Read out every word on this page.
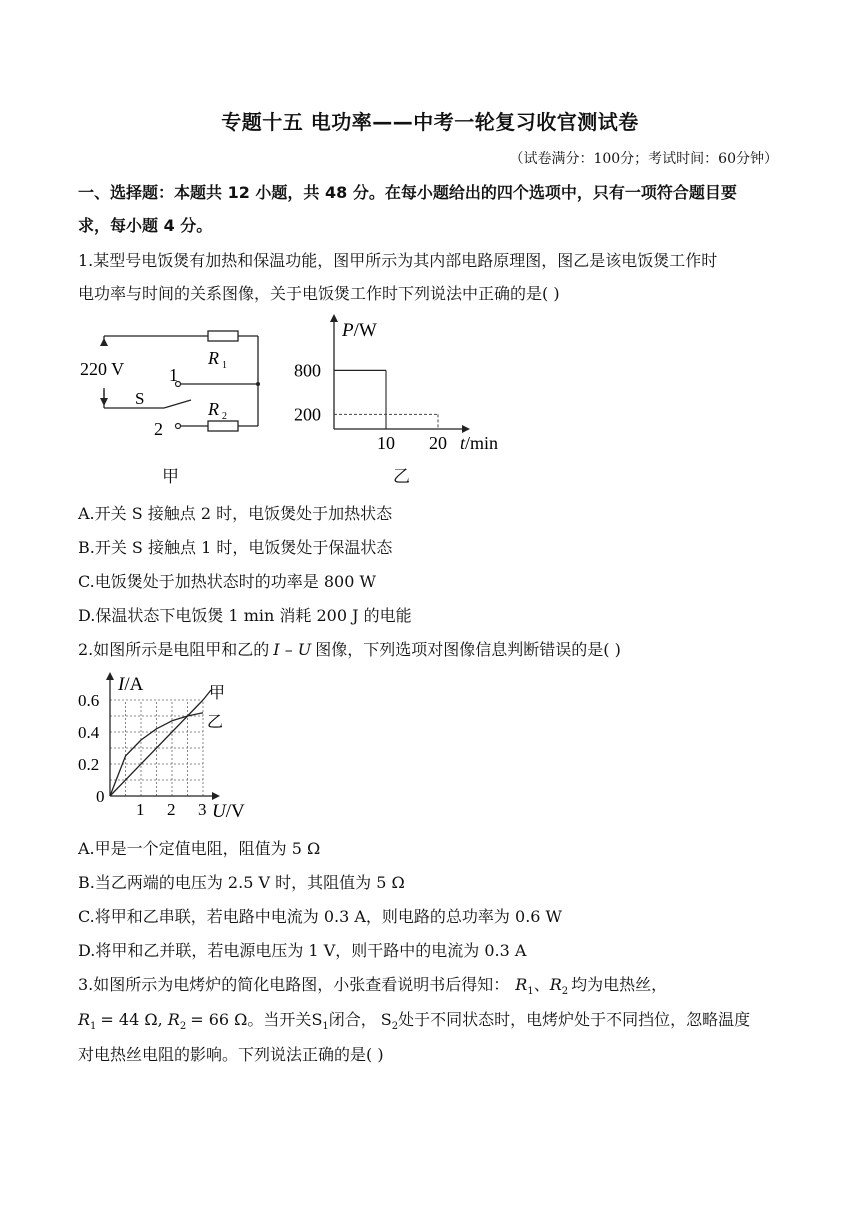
专题十五 电功率——中考一轮复习收官测试卷
（试卷满分：100分；考试时间：60分钟）
一、选择题：本题共 12 小题，共 48 分。在每小题给出的四个选项中，只有一项符合题目要
求，每小题 4 分。
1.某型号电饭煲有加热和保温功能，图甲所示为其内部电路原理图，图乙是该电饭煲工作时
电功率与时间的关系图像，关于电饭煲工作时下列说法中正确的是( )
220 V
S
1
2
R 1
R 2
甲
P/W
800
200
10 20 t/min
乙
A.开关 S 接触点 2 时，电饭煲处于加热状态
B.开关 S 接触点 1 时，电饭煲处于保温状态
C.电饭煲处于加热状态时的功率是 800 W
D.保温状态下电饭煲 1 min 消耗 200 J 的电能
2.如图所示是电阻甲和乙的 I – U 图像，下列选项对图像信息判断错误的是( )
甲
乙
0.6
0.4
0.2
0
1 2 3
I/A
U/V
A.甲是一个定值电阻，阻值为 5 Ω
B.当乙两端的电压为 2.5 V 时，其阻值为 5 Ω
C.将甲和乙串联，若电路中电流为 0.3 A，则电路的总功率为 0.6 W
D.将甲和乙并联，若电源电压为 1 V，则干路中的电流为 0.3 A
3.如图所示为电烤炉的简化电路图，小张查看说明书后得知： $R_1$、$R_2$ 均为电热丝，
$R_1 = 44$ Ω, $R_2 = 66$ Ω。当开关$S_1$闭合， $S_2$处于不同状态时，电烤炉处于不同挡位，忽略温度
对电热丝电阻的影响。下列说法正确的是( )
